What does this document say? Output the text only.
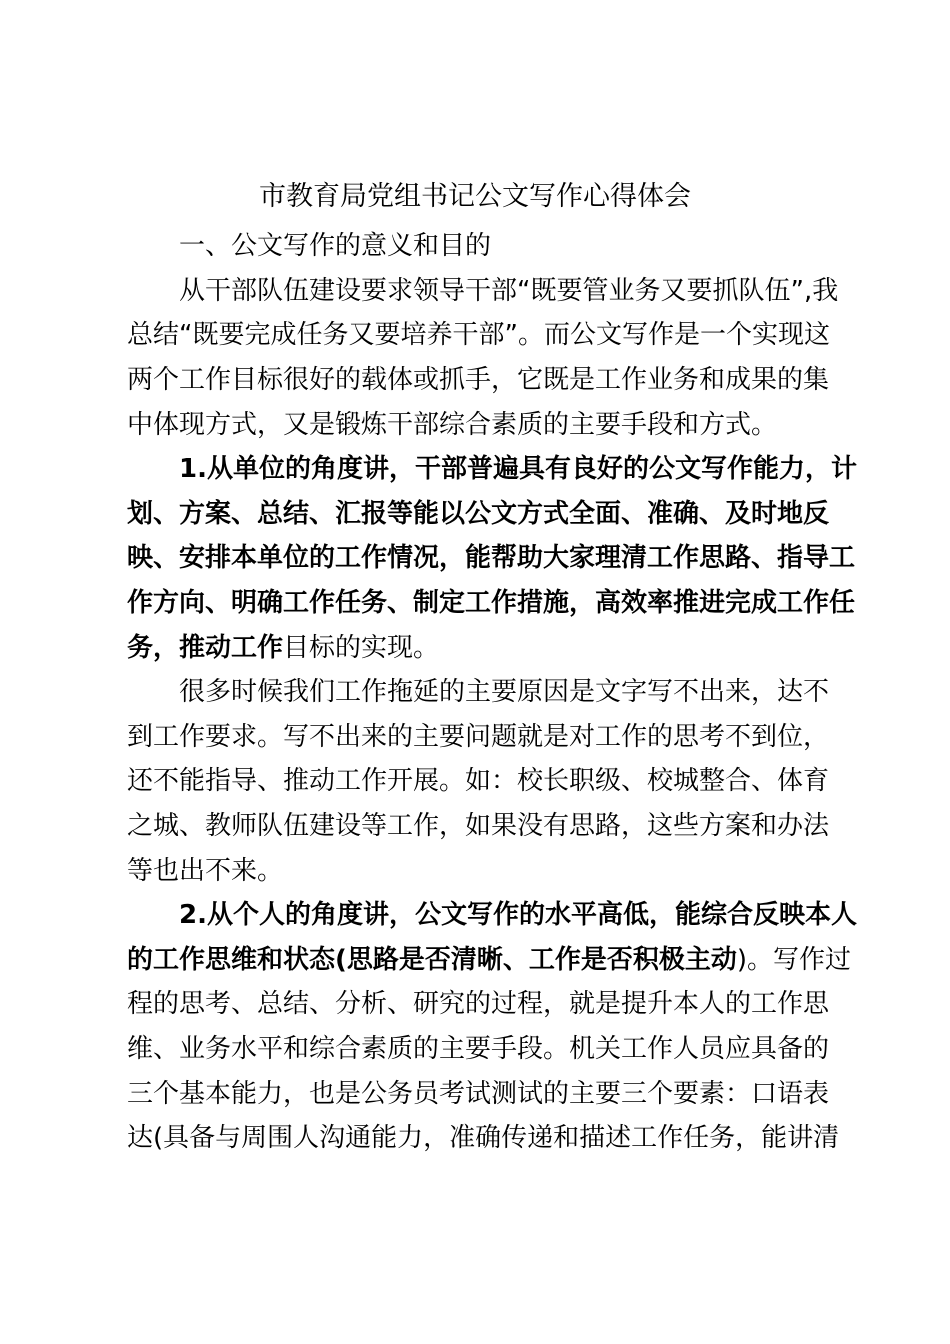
市教育局党组书记公文写作心得体会
一、公文写作的意义和目的
从干部队伍建设要求领导干部“既要管业务又要抓队伍”,我
总结“既要完成任务又要培养干部”。而公文写作是一个实现这
两个工作目标很好的载体或抓手，它既是工作业务和成果的集
中体现方式，又是锻炼干部综合素质的主要手段和方式。
1.从单位的角度讲，干部普遍具有良好的公文写作能力，计
划、方案、总结、汇报等能以公文方式全面、准确、及时地反
映、安排本单位的工作情况，能帮助大家理清工作思路、指导工
作方向、明确工作任务、制定工作措施，高效率推进完成工作任
务，推动工作目标的实现。
很多时候我们工作拖延的主要原因是文字写不出来，达不
到工作要求。写不出来的主要问题就是对工作的思考不到位，
还不能指导、推动工作开展。如：校长职级、校城整合、体育
之城、教师队伍建设等工作，如果没有思路，这些方案和办法
等也出不来。
2.从个人的角度讲，公文写作的水平高低，能综合反映本人
的工作思维和状态(思路是否清晰、工作是否积极主动)。写作过
程的思考、总结、分析、研究的过程，就是提升本人的工作思
维、业务水平和综合素质的主要手段。机关工作人员应具备的
三个基本能力，也是公务员考试测试的主要三个要素：口语表
达(具备与周围人沟通能力，准确传递和描述工作任务，能讲清
